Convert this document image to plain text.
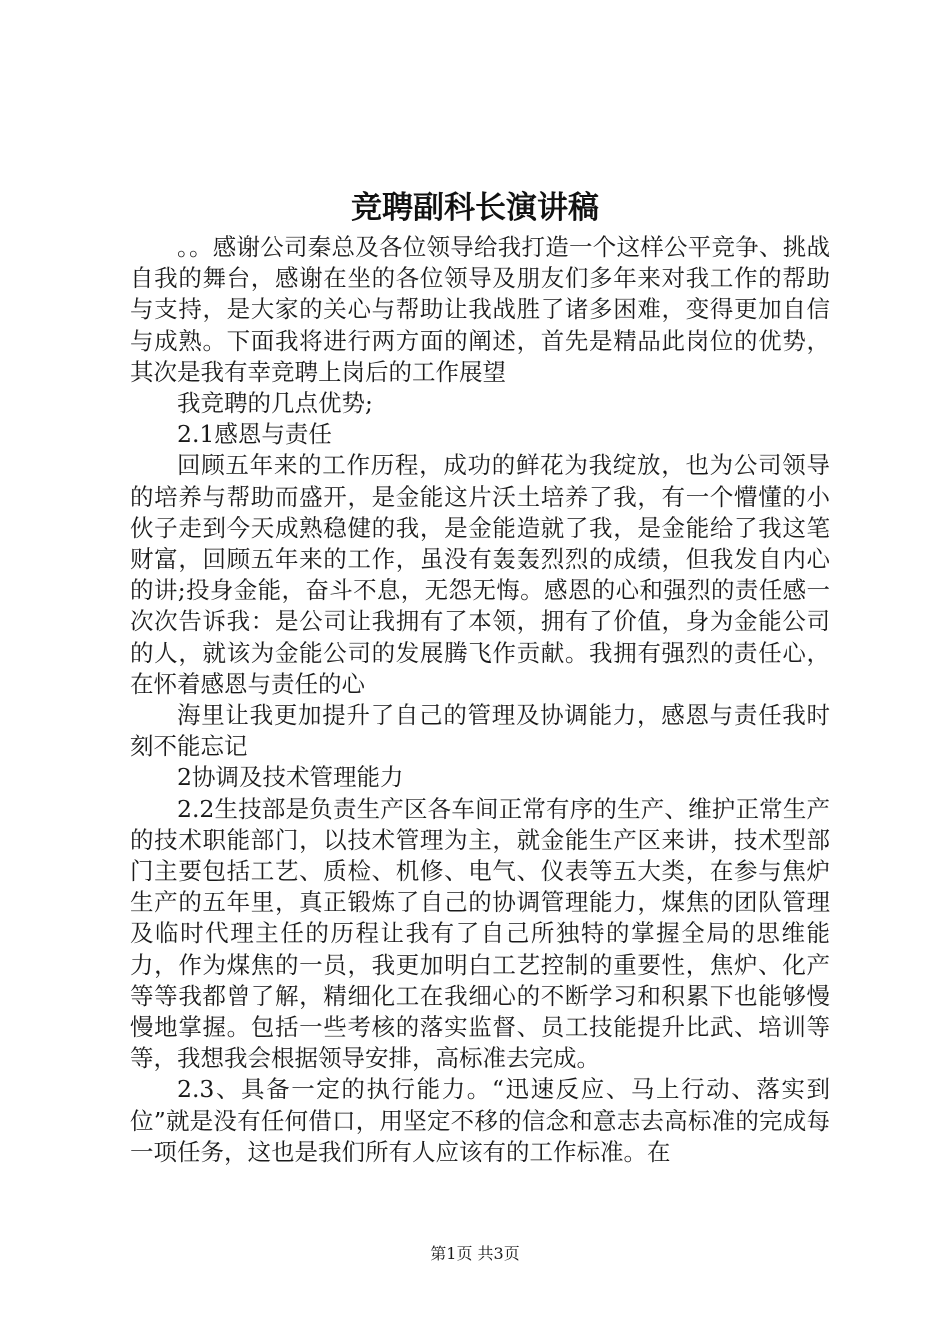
竞聘副科长演讲稿

。。感谢公司秦总及各位领导给我打造一个这样公平竞争、挑战自我的舞台，感谢在坐的各位领导及朋友们多年来对我工作的帮助与支持，是大家的关心与帮助让我战胜了诸多困难，变得更加自信与成熟。下面我将进行两方面的阐述，首先是精品此岗位的优势，其次是我有幸竞聘上岗后的工作展望

我竞聘的几点优势;

2.1感恩与责任

回顾五年来的工作历程，成功的鲜花为我绽放，也为公司领导的培养与帮助而盛开，是金能这片沃土培养了我，有一个懵懂的小伙子走到今天成熟稳健的我，是金能造就了我，是金能给了我这笔财富，回顾五年来的工作，虽没有轰轰烈烈的成绩，但我发自内心的讲;投身金能，奋斗不息，无怨无悔。感恩的心和强烈的责任感一次次告诉我：是公司让我拥有了本领，拥有了价值，身为金能公司的人，就该为金能公司的发展腾飞作贡献。我拥有强烈的责任心，在怀着感恩与责任的心

海里让我更加提升了自己的管理及协调能力，感恩与责任我时刻不能忘记

2协调及技术管理能力

2.2生技部是负责生产区各车间正常有序的生产、维护正常生产的技术职能部门，以技术管理为主，就金能生产区来讲，技术型部门主要包括工艺、质检、机修、电气、仪表等五大类，在参与焦炉生产的五年里，真正锻炼了自己的协调管理能力，煤焦的团队管理及临时代理主任的历程让我有了自己所独特的掌握全局的思维能力，作为煤焦的一员，我更加明白工艺控制的重要性，焦炉、化产等等我都曾了解，精细化工在我细心的不断学习和积累下也能够慢慢地掌握。包括一些考核的落实监督、员工技能提升比武、培训等等，我想我会根据领导安排，高标准去完成。

2.3、具备一定的执行能力。“迅速反应、马上行动、落实到位”就是没有任何借口，用坚定不移的信念和意志去高标准的完成每一项任务，这也是我们所有人应该有的工作标准。在

第1页 共3页
